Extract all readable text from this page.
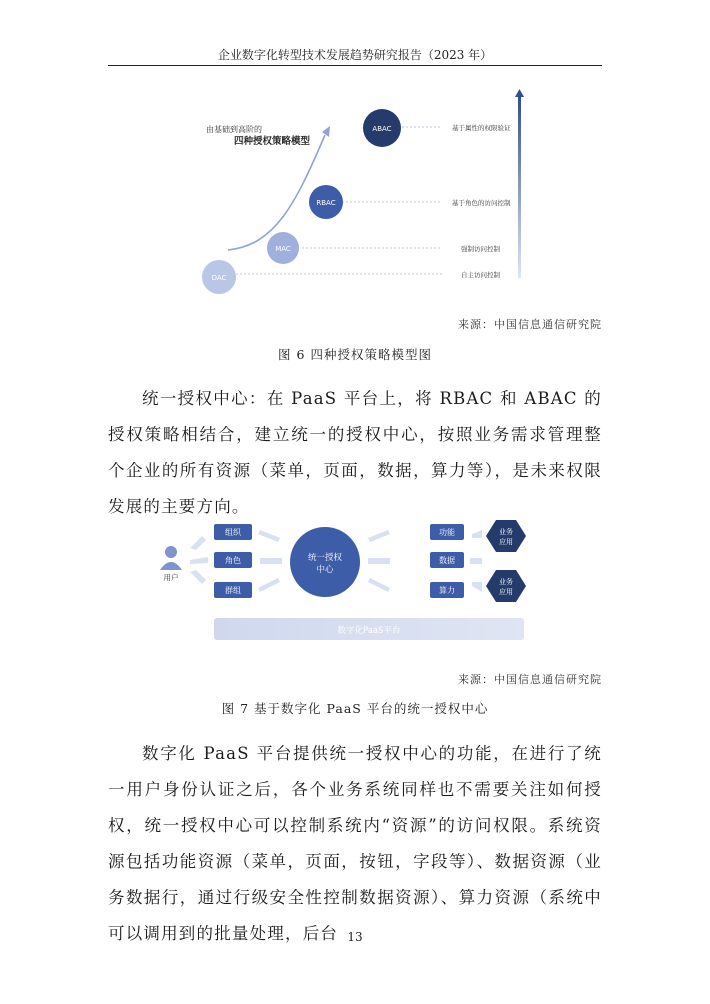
企业数字化转型技术发展趋势研究报告（2023 年）
由基础到高阶的
四种授权策略模型
ABAC
RBAC
MAC
DAC
基于属性的权限验证
基于角色的访问控制
强制访问控制
自主访问控制
来源：中国信息通信研究院
图 6 四种授权策略模型图
统一授权中心：在 PaaS 平台上，将 RBAC 和 ABAC 的授权策略相结合，建立统一的授权中心，按照业务需求管理整个企业的所有资源（菜单，页面，数据，算力等），是未来权限发展的主要方向。
用户
组织
角色
群组
统一授权
中心
功能
数据
算力
业务
应用
业务
应用
数字化PaaS平台
来源：中国信息通信研究院
图 7 基于数字化 PaaS 平台的统一授权中心
数字化 PaaS 平台提供统一授权中心的功能，在进行了统一用户身份认证之后，各个业务系统同样也不需要关注如何授权，统一授权中心可以控制系统内“资源”的访问权限。系统资源包括功能资源（菜单，页面，按钮，字段等）、数据资源（业务数据行，通过行级安全性控制数据资源）、算力资源（系统中可以调用到的批量处理，后台 13
